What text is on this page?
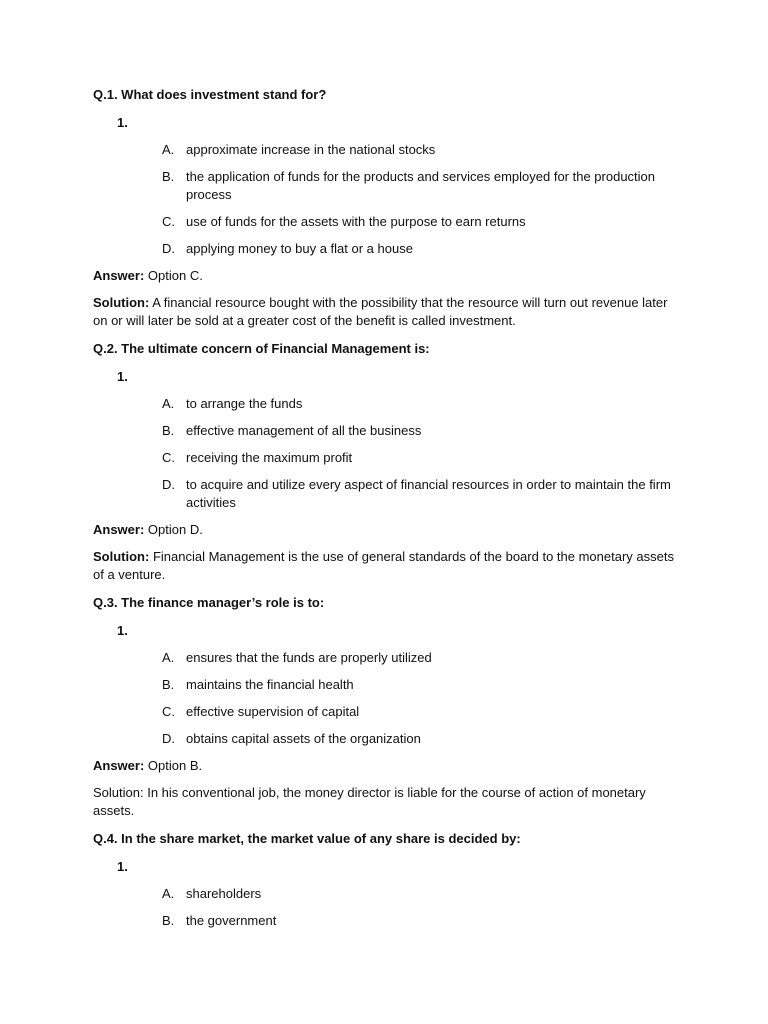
Q.1. What does investment stand for?

1.

A. approximate increase in the national stocks
B. the application of funds for the products and services employed for the production process
C. use of funds for the assets with the purpose to earn returns
D. applying money to buy a flat or a house

Answer: Option C.

Solution: A financial resource bought with the possibility that the resource will turn out revenue later on or will later be sold at a greater cost of the benefit is called investment.

Q.2. The ultimate concern of Financial Management is:

1.

A. to arrange the funds
B. effective management of all the business
C. receiving the maximum profit
D. to acquire and utilize every aspect of financial resources in order to maintain the firm activities

Answer: Option D.

Solution: Financial Management is the use of general standards of the board to the monetary assets of a venture.

Q.3. The finance manager’s role is to:

1.

A. ensures that the funds are properly utilized
B. maintains the financial health
C. effective supervision of capital
D. obtains capital assets of the organization

Answer: Option B.

Solution: In his conventional job, the money director is liable for the course of action of monetary assets.

Q.4. In the share market, the market value of any share is decided by:

1.

A. shareholders
B. the government
